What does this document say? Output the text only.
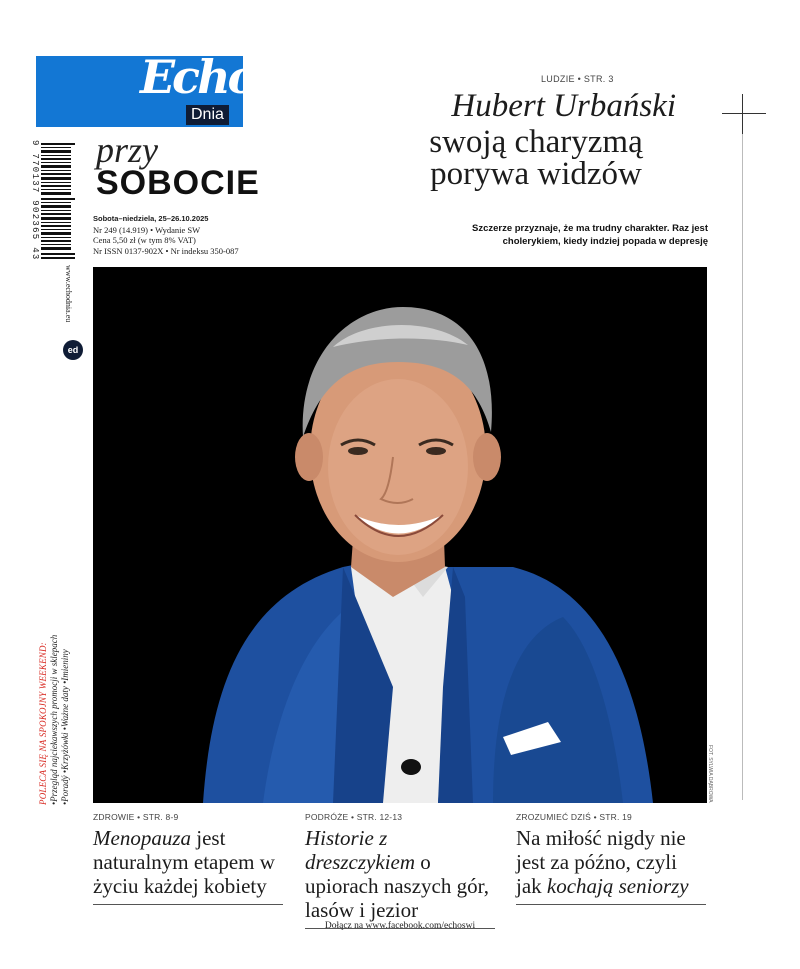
Echo
Dnia
9 770137 902365 43 przy
SOBOCIE
Sobota–niedziela, 25–26.10.2025
Nr 249 (14.919) • Wydanie SW
Cena 5,50 zł (w tym 8% VAT)
Nr ISSN 0137-902X • Nr indeksu 350-087
LUDZIE • STR. 3
Hubert Urbański
swoją charyzmą porywa widzów
Szczerze przyznaje, że ma trudny charakter. Raz jest cholerykiem, kiedy indziej popada w depresję
www.echodnia.eu
ed
POLECA SIĘ NA SPOKOJNY WEEKEND: •Przegląd najciekawszych promocji w sklepach •Poradý •Krzyżówki •Ważne daty •Imieniny	FOT. SYLWIA DĄBROWA
ZDROWIE • STR. 8-9
Menopauza jest naturalnym etapem w życiu każdej kobiety
PODRÓŻE • STR. 12-13
Historie z dreszczykiem o upiorach naszych gór, lasów i jezior
ZROZUMIEĆ DZIŚ • STR. 19
Na miłość nigdy nie jest za późno, czyli jak kochają seniorzy
Dołącz na www.facebook.com/echoswi
